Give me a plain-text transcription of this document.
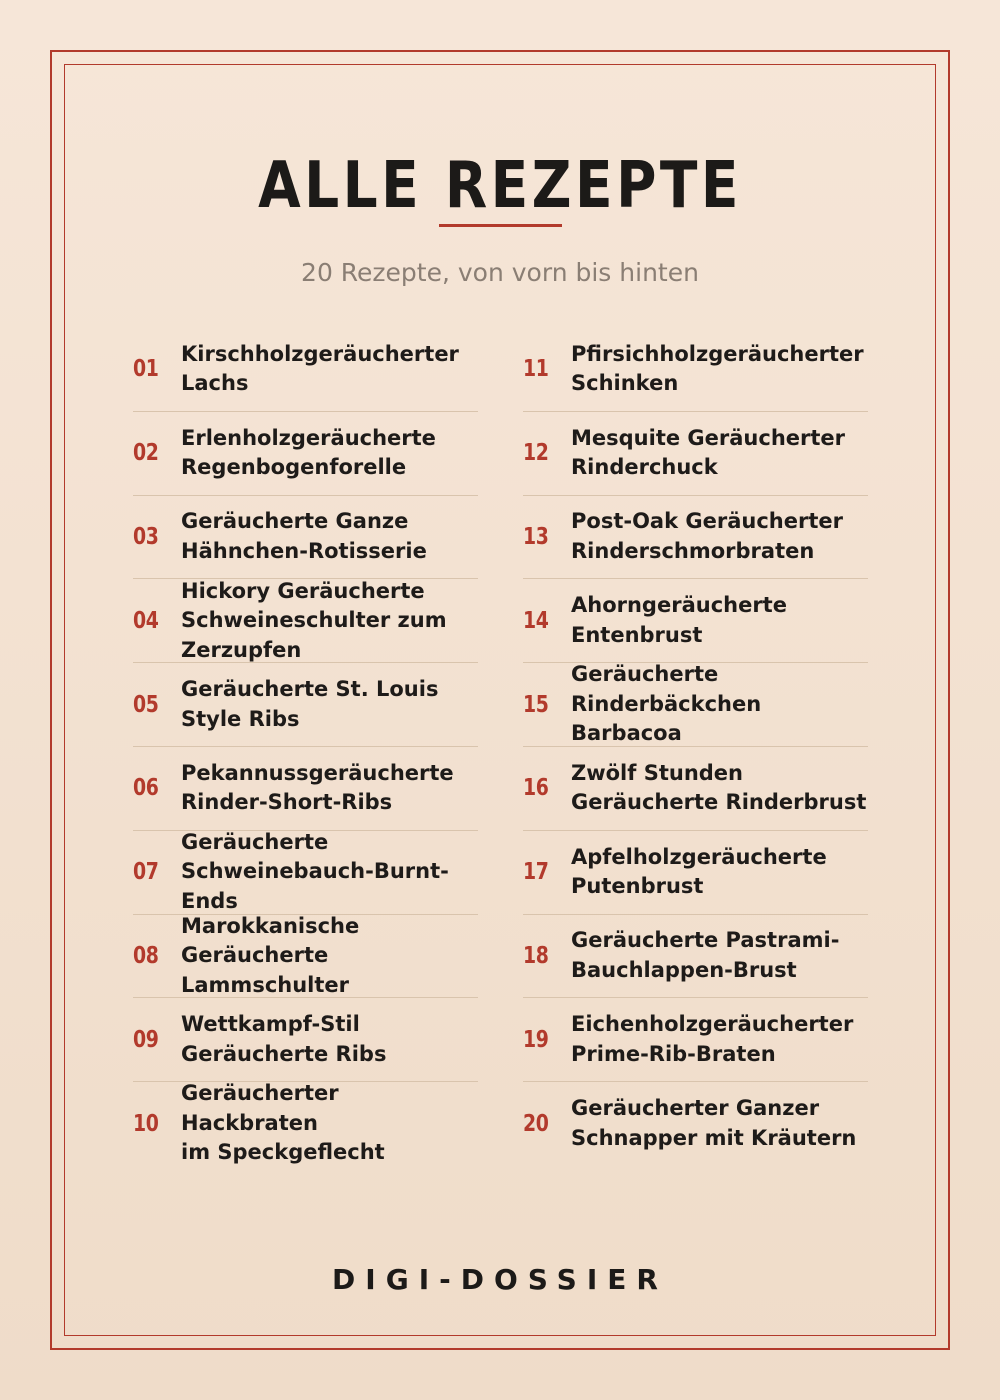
ALLE REZEPTE
20 Rezepte, von vorn bis hinten
01
Kirschholzgeräucherter
Lachs
02
Erlenholzgeräucherte
Regenbogenforelle
03
Geräucherte Ganze
Hähnchen-Rotisserie
04
Hickory Geräucherte
Schweineschulter zum
Zerzupfen
05
Geräucherte St. Louis
Style Ribs
06
Pekannussgeräucherte
Rinder-Short-Ribs
07
Geräucherte
Schweinebauch-Burnt-
Ends
08
Marokkanische
Geräucherte
Lammschulter
09
Wettkampf-Stil
Geräucherte Ribs
10
Geräucherter Hackbraten
im Speckgeflecht
11
Pfirsichholzgeräucherter
Schinken
12
Mesquite Geräucherter
Rinderchuck
13
Post-Oak Geräucherter
Rinderschmorbraten
14
Ahorngeräucherte
Entenbrust
15
Geräucherte
Rinderbäckchen
Barbacoa
16
Zwölf Stunden
Geräucherte Rinderbrust
17
Apfelholzgeräucherte
Putenbrust
18
Geräucherte Pastrami-
Bauchlappen-Brust
19
Eichenholzgeräucherter
Prime-Rib-Braten
20
Geräucherter Ganzer
Schnapper mit Kräutern
DIGI-DOSSIER
